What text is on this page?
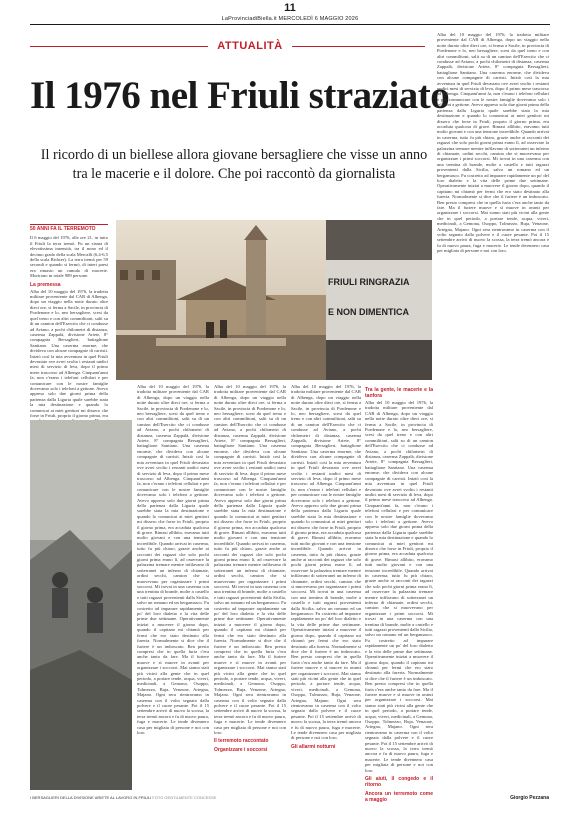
11
LaProvinciadiBiella.it MERCOLEDÌ 6 MAGGIO 2026
ATTUALITÀ
Il 1976 nel Friuli straziato
Il ricordo di un biellese allora giovane bersagliere che visse un anno tra le macerie e il dolore. Che poi raccontò da giornalista

Alba del 10 maggio del 1976, la tradotta militare proveniente dal CAR di Albenga, dopo un viaggio nella notte durato oltre dieci ore, si ferma a Sacile, in provincia di Pordenone e lo, neo bersagliere, scesi da quel treno e con altri commilitoni, salii su di un camion dell'Esercito che ci condusse ad Aviano, a pochi chilometri di distanza, caserma Zappalà, divisione Ariete, 8° compagnia Bersaglieri, battaglione Santiano. Una caserma enorme, che divideva con alcune compagnie di carristi. Iniziò così la mia avventura in quel Friuli devastato ove avrei svolto i restanti undici mesi di servizio di leva, dopo il primo mese trascorso ad Albenga. Cinquant'anni fa, non c'erano i telefoni cellulari e per comunicare con le nostre famiglie dovevamo solo i telefoni a gettone. Avevo appreso solo due giorni prima della partenza dalla Liguria quale sarebbe stata la mia destinazione e quando lo comunicai ai miei genitori mi dissero che forse in Friuli, proprio il giorno prima, era accaduta qualcosa di grave. Rimasi allibito, eravamo tutti molto giovani e con una tensione incredibile. Quando arrivai in caserma, tutto fu più chiaro, grazie anche ai racconti dei ragazzi che solo pochi giorni prima erano lì, ad osservare la palazzina tremare mentre infilavano di sotterranei un inferno di chiamate, ordini secchi, camion che si muovevano per organizzare i primi soccorsi. Mi trovai in una caserma con una trentina di brande, molte a castello e tutti ragazzi provenienti dalla Sicilia, salvo un romano ed un bergamasco. Fu costretto ad imparare rapidamente un po' del loro dialetto e la vita delle prime due settimane. Operativamente iniziai a muovere il giorno dopo, quando il capitano mi chiamò per fermi che ero stato destinato alla fureria. Normalmente si dice che il furiere è un imboscato. Ben presto compresi che in quella furia c'era anche tanto da fare. Ma il furiere muove e sì muove in avanti per organizzare i soccorsi. Mai siamo stati più vicini alla gente che in quel periodo, a portare tende, acqua, viveri, medicinali, a Gemona, Osoppo, Tolmezzo, Buja, Venzone, Artegna, Majano. Ogni sera rientravamo in caserma con il volto segnato dalla polvere e il cuore pesante. Poi il 15 settembre arrivò di nuovo la scossa, la terra tremò ancora e fu di nuovo paura, fuga e macerie. Le tende divennero casa per migliaia di persone e noi con loro.

50 ANNI FA IL TERREMOTO

Il 6 maggio del 1976, alle ore 21, in tutto il Friuli la terra tremò. Fu un sisma di elevatissima intensità, tra il nono ed il decimo grado della scala Mercalli (6,4-6,5 della scala Richter). La terra tremò per 59 secondi e quando si fermò, di interi paesi era rimasto un cumulo di macerie. Morirono in totale 989 persone.

La premessa

Alba del 10 maggio del 1976, la tradotta militare proveniente dal CAR di Albenga, dopo un viaggio nella notte durato oltre dieci ore, si ferma a Sacile, in provincia di Pordenone e lo, neo bersagliere, scesi da quel treno e con altri commilitoni, salii su di un camion dell'Esercito che ci condusse ad Aviano, a pochi chilometri di distanza, caserma Zappalà, divisione Ariete, 8° compagnia Bersaglieri, battaglione Santiano. Una caserma enorme, che divideva con alcune compagnie di carristi. Iniziò così la mia avventura in quel Friuli devastato ove avrei svolto i restanti undici mesi di servizio di leva, dopo il primo mese trascorso ad Albenga. Cinquant'anni fa, non c'erano i telefoni cellulari e per comunicare con le nostre famiglie dovevamo solo i telefoni a gettone. Avevo appreso solo due giorni prima della partenza dalla Liguria quale sarebbe stata la mia destinazione e quando lo comunicai ai miei genitori mi dissero che forse in Friuli, proprio il giorno prima, era

FRIULI RINGRAZIA
E NON DIMENTICA

Alba del 10 maggio del 1976, la tradotta militare proveniente dal CAR di Albenga, dopo un viaggio nella notte durato oltre dieci ore, si ferma a Sacile, in provincia di Pordenone e lo, neo bersagliere, scesi da quel treno e con altri commilitoni, salii su di un camion dell'Esercito che ci condusse ad Aviano, a pochi chilometri di distanza, caserma Zappalà, divisione Ariete, 8° compagnia Bersaglieri, battaglione Santiano. Una caserma enorme, che divideva con alcune compagnie di carristi. Iniziò così la mia avventura in quel Friuli devastato ove avrei svolto i restanti undici mesi di servizio di leva, dopo il primo mese trascorso ad Albenga. Cinquant'anni fa, non c'erano i telefoni cellulari e per comunicare con le nostre famiglie dovevamo solo i telefoni a gettone. Avevo appreso solo due giorni prima della partenza dalla Liguria quale sarebbe stata la mia destinazione e quando lo comunicai ai miei genitori mi dissero che forse in Friuli, proprio il giorno prima, era accaduta qualcosa di grave. Rimasi allibito, eravamo tutti molto giovani e con una tensione incredibile. Quando arrivai in caserma, tutto fu più chiaro, grazie anche ai racconti dei ragazzi che solo pochi giorni prima erano lì, ad osservare la palazzina tremare mentre infilavano di sotterranei un inferno di chiamate, ordini secchi, camion che si muovevano per organizzare i primi soccorsi. Mi trovai in una caserma con una trentina di brande, molte a castello e tutti ragazzi provenienti dalla Sicilia, salvo un romano ed un bergamasco. Fu costretto ad imparare rapidamente un po' del loro dialetto e la vita delle prime due settimane. Operativamente iniziai a muovere il giorno dopo, quando il capitano mi chiamò per fermi che ero stato destinato alla fureria. Normalmente si dice che il furiere è un imboscato. Ben presto compresi che in quella furia c'era anche tanto da fare. Ma il furiere muove e sì muove in avanti per organizzare i soccorsi. Mai siamo stati più vicini alla gente che in quel periodo, a portare tende, acqua, viveri, medicinali, a Gemona, Osoppo, Tolmezzo, Buja, Venzone, Artegna, Majano. Ogni sera rientravamo in caserma con il volto segnato dalla polvere e il cuore pesante. Poi il 15 settembre arrivò di nuovo la scossa, la terra tremò ancora e fu di nuovo paura, fuga e macerie. Le tende divennero casa per migliaia di persone e noi con loro.

Alba del 10 maggio del 1976, la tradotta militare proveniente dal CAR di Albenga, dopo un viaggio nella notte durato oltre dieci ore, si ferma a Sacile, in provincia di Pordenone e lo, neo bersagliere, scesi da quel treno e con altri commilitoni, salii su di un camion dell'Esercito che ci condusse ad Aviano, a pochi chilometri di distanza, caserma Zappalà, divisione Ariete, 8° compagnia Bersaglieri, battaglione Santiano. Una caserma enorme, che divideva con alcune compagnie di carristi. Iniziò così la mia avventura in quel Friuli devastato ove avrei svolto i restanti undici mesi di servizio di leva, dopo il primo mese trascorso ad Albenga. Cinquant'anni fa, non c'erano i telefoni cellulari e per comunicare con le nostre famiglie dovevamo solo i telefoni a gettone. Avevo appreso solo due giorni prima della partenza dalla Liguria quale sarebbe stata la mia destinazione e quando lo comunicai ai miei genitori mi dissero che forse in Friuli, proprio il giorno prima, era accaduta qualcosa di grave. Rimasi allibito, eravamo tutti molto giovani e con una tensione incredibile. Quando arrivai in caserma, tutto fu più chiaro, grazie anche ai racconti dei ragazzi che solo pochi giorni prima erano lì, ad osservare la palazzina tremare mentre infilavano di sotterranei un inferno di chiamate, ordini secchi, camion che si muovevano per organizzare i primi soccorsi. Mi trovai in una caserma con una trentina di brande, molte a castello e tutti ragazzi provenienti dalla Sicilia, salvo un romano ed un bergamasco. Fu costretto ad imparare rapidamente un po' del loro dialetto e la vita delle prime due settimane. Operativamente iniziai a muovere il giorno dopo, quando il capitano mi chiamò per fermi che ero stato destinato alla fureria. Normalmente si dice che il furiere è un imboscato. Ben presto compresi che in quella furia c'era anche tanto da fare. Ma il furiere muove e sì muove in avanti per organizzare i soccorsi. Mai siamo stati più vicini alla gente che in quel periodo, a portare tende, acqua, viveri, medicinali, a Gemona, Osoppo, Tolmezzo, Buja, Venzone, Artegna, Majano. Ogni sera rientravamo in caserma con il volto segnato dalla polvere e il cuore pesante. Poi il 15 settembre arrivò di nuovo la scossa, la terra tremò ancora e fu di nuovo paura, fuga e macerie. Le tende divennero casa per migliaia di persone e noi con loro.

Il terremoto raccontato
Organizzare i soccorsi

Alba del 10 maggio del 1976, la tradotta militare proveniente dal CAR di Albenga, dopo un viaggio nella notte durato oltre dieci ore, si ferma a Sacile, in provincia di Pordenone e lo, neo bersagliere, scesi da quel treno e con altri commilitoni, salii su di un camion dell'Esercito che ci condusse ad Aviano, a pochi chilometri di distanza, caserma Zappalà, divisione Ariete, 8° compagnia Bersaglieri, battaglione Santiano. Una caserma enorme, che divideva con alcune compagnie di carristi. Iniziò così la mia avventura in quel Friuli devastato ove avrei svolto i restanti undici mesi di servizio di leva, dopo il primo mese trascorso ad Albenga. Cinquant'anni fa, non c'erano i telefoni cellulari e per comunicare con le nostre famiglie dovevamo solo i telefoni a gettone. Avevo appreso solo due giorni prima della partenza dalla Liguria quale sarebbe stata la mia destinazione e quando lo comunicai ai miei genitori mi dissero che forse in Friuli, proprio il giorno prima, era accaduta qualcosa di grave. Rimasi allibito, eravamo tutti molto giovani e con una tensione incredibile. Quando arrivai in caserma, tutto fu più chiaro, grazie anche ai racconti dei ragazzi che solo pochi giorni prima erano lì, ad osservare la palazzina tremare mentre infilavano di sotterranei un inferno di chiamate, ordini secchi, camion che si muovevano per organizzare i primi soccorsi. Mi trovai in una caserma con una trentina di brande, molte a castello e tutti ragazzi provenienti dalla Sicilia, salvo un romano ed un bergamasco. Fu costretto ad imparare rapidamente un po' del loro dialetto e la vita delle prime due settimane. Operativamente iniziai a muovere il giorno dopo, quando il capitano mi chiamò per fermi che ero stato destinato alla fureria. Normalmente si dice che il furiere è un imboscato. Ben presto compresi che in quella furia c'era anche tanto da fare. Ma il furiere muove e sì muove in avanti per organizzare i soccorsi. Mai siamo stati più vicini alla gente che in quel periodo, a portare tende, acqua, viveri, medicinali, a Gemona, Osoppo, Tolmezzo, Buja, Venzone, Artegna, Majano. Ogni sera rientravamo in caserma con il volto segnato dalla polvere e il cuore pesante. Poi il 15 settembre arrivò di nuovo la scossa, la terra tremò ancora e fu di nuovo paura, fuga e macerie. Le tende divennero casa per migliaia di persone e noi con loro.

Gli allarmi notturni
Tra la gente, le macerie e la tanfora

Alba del 10 maggio del 1976, la tradotta militare proveniente dal CAR di Albenga, dopo un viaggio nella notte durato oltre dieci ore, si ferma a Sacile, in provincia di Pordenone e lo, neo bersagliere, scesi da quel treno e con altri commilitoni, salii su di un camion dell'Esercito che ci condusse ad Aviano, a pochi chilometri di distanza, caserma Zappalà, divisione Ariete, 8° compagnia Bersaglieri, battaglione Santiano. Una caserma enorme, che divideva con alcune compagnie di carristi. Iniziò così la mia avventura in quel Friuli devastato ove avrei svolto i restanti undici mesi di servizio di leva, dopo il primo mese trascorso ad Albenga. Cinquant'anni fa, non c'erano i telefoni cellulari e per comunicare con le nostre famiglie dovevamo solo i telefoni a gettone. Avevo appreso solo due giorni prima della partenza dalla Liguria quale sarebbe stata la mia destinazione e quando lo comunicai ai miei genitori mi dissero che forse in Friuli, proprio il giorno prima, era accaduta qualcosa di grave. Rimasi allibito, eravamo tutti molto giovani e con una tensione incredibile. Quando arrivai in caserma, tutto fu più chiaro, grazie anche ai racconti dei ragazzi che solo pochi giorni prima erano lì, ad osservare la palazzina tremare mentre infilavano di sotterranei un inferno di chiamate, ordini secchi, camion che si muovevano per organizzare i primi soccorsi. Mi trovai in una caserma con una trentina di brande, molte a castello e tutti ragazzi provenienti dalla Sicilia, salvo un romano ed un bergamasco. Fu costretto ad imparare rapidamente un po' del loro dialetto e la vita delle prime due settimane. Operativamente iniziai a muovere il giorno dopo, quando il capitano mi chiamò per fermi che ero stato destinato alla fureria. Normalmente si dice che il furiere è un imboscato. Ben presto compresi che in quella furia c'era anche tanto da fare. Ma il furiere muove e sì muove in avanti per organizzare i soccorsi. Mai siamo stati più vicini alla gente che in quel periodo, a portare tende, acqua, viveri, medicinali, a Gemona, Osoppo, Tolmezzo, Buja, Venzone, Artegna, Majano. Ogni sera rientravamo in caserma con il volto segnato dalla polvere e il cuore pesante. Poi il 15 settembre arrivò di nuovo la scossa, la terra tremò ancora e fu di nuovo paura, fuga e macerie. Le tende divennero casa per migliaia di persone e noi con loro.

Gli aiuti, il congedo e il ritorno
Ancora un terremoto come a maggio
I BERSAGLIERI DELLA DIVISIONE ARIETE AL LAVORO IN FRIULI FOTO GENTILMENTE CONCESSE	Giorgio Pezzana
